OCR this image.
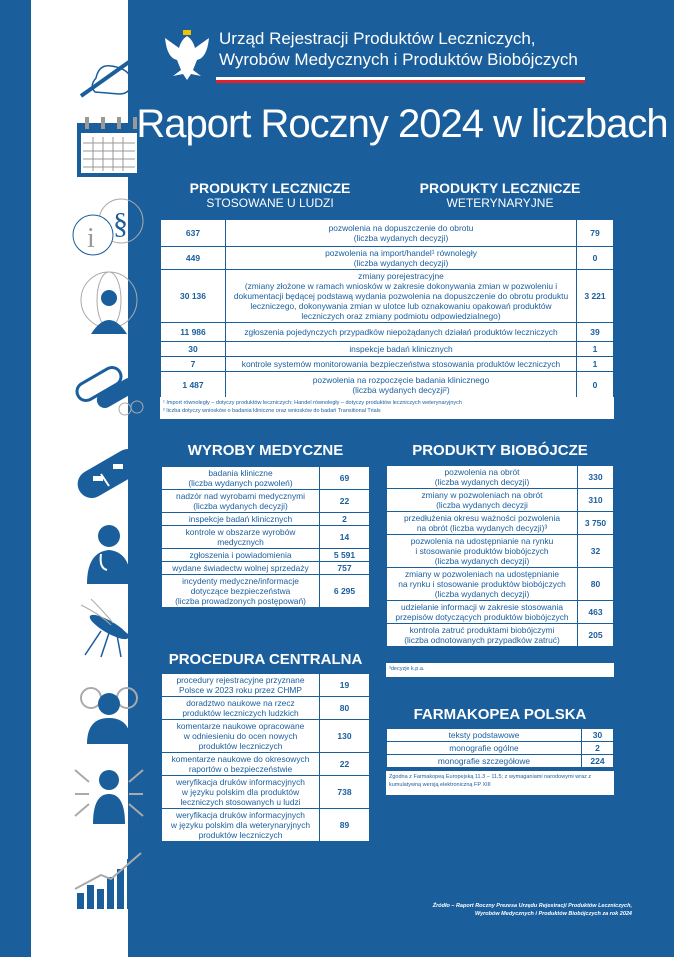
i §
Urząd Rejestracji Produktów Leczniczych,
Wyrobów Medycznych i Produktów Biobójczych
Raport Roczny 2024 w liczbach
PRODUKTY LECZNICZE
STOSOWANE U LUDZI
PRODUKTY LECZNICZE
WETERYNARYJNE
637	pozwolenia na dopuszczenie do obrotu
(liczba wydanych decyzji)	79
449	pozwolenia na import/handel¹ równoległy
(liczba wydanych decyzji)	0
30 136	zmiany porejestracyjne
(zmiany złożone w ramach wniosków w zakresie dokonywania zmian w pozwoleniu i dokumentacji będącej podstawą wydania pozwolenia na dopuszczenie do obrotu produktu leczniczego, dokonywania zmian w ulotce lub oznakowaniu opakowań produktów leczniczych oraz zmiany podmiotu odpowiedzialnego)	3 221
11 986	zgłoszenia pojedynczych przypadków niepożądanych działań produktów leczniczych	39
30	inspekcje badań klinicznych	1
7	kontrole systemów monitorowania bezpieczeństwa stosowania produktów leczniczych	1
1 487	pozwolenia na rozpoczęcie badania klinicznego
(liczba wydanych decyzji²)	0
¹ Import równoległy – dotyczy produktów leczniczych; Handel równoległy – dotyczy produktów leczniczych weterynaryjnych
² liczba dotyczy wniosków o badania kliniczne oraz wniosków do badań Transitional Trials
WYROBY MEDYCZNE
badania kliniczne
(liczba wydanych pozwoleń)	69
nadzór nad wyrobami medycznymi
(liczba wydanych decyzji)	22
inspekcje badań klinicznych	2
kontrole w obszarze wyrobów medycznych	14
zgłoszenia i powiadomienia	5 591
wydane świadectw wolnej sprzedaży	757
incydenty medyczne/informacje dotyczące bezpieczeństwa
(liczba prowadzonych postępowań)	6 295
PRODUKTY BIOBÓJCZE
pozwolenia na obrót
(liczba wydanych decyzji)	330
zmiany w pozwoleniach na obrót
(liczba wydanych decyzji	310
przedłużenia okresu ważności pozwolenia
na obrót (liczba wydanych decyzji)³	3 750
pozwolenia na udostępnianie na rynku
i stosowanie produktów biobójczych
(liczba wydanych decyzji)	32
zmiany w pozwoleniach na udostępnianie
na rynku i stosowanie produktów biobójczych
(liczba wydanych decyzji)	80
udzielanie informacji w zakresie stosowania
przepisów dotyczących produktów biobójczych	463
kontrola zatruć produktami biobójczymi
(liczba odnotowanych przypadków zatruć)	205
³decyzje k.p.a.
PROCEDURA CENTRALNA
procedury rejestracyjne przyznane
Polsce w 2023 roku przez CHMP	19
doradztwo naukowe na rzecz
produktów leczniczych ludzkich	80
komentarze naukowe opracowane
w odniesieniu do ocen nowych
produktów leczniczych	130
komentarze naukowe do okresowych
raportów o bezpieczeństwie	22
weryfikacja druków informacyjnych
w języku polskim dla produktów
leczniczych stosowanych u ludzi	738
weryfikacja druków informacyjnych
w języku polskim dla weterynaryjnych
produktów leczniczych	89
FARMAKOPEA POLSKA
teksty podstawowe	30
monografie ogólne	2
monografie szczegółowe	224
Zgodna z Farmakopeą Europejską 11.3 – 11.5; z wymaganiami narodowymi wraz z kumulatywną wersją elektroniczną FP XIII
Źródło – Raport Roczny Prezesa Urzędu Rejestracji Produktów Leczniczych,
Wyrobów Medycznych i Produktów Biobójczych za rok 2024
